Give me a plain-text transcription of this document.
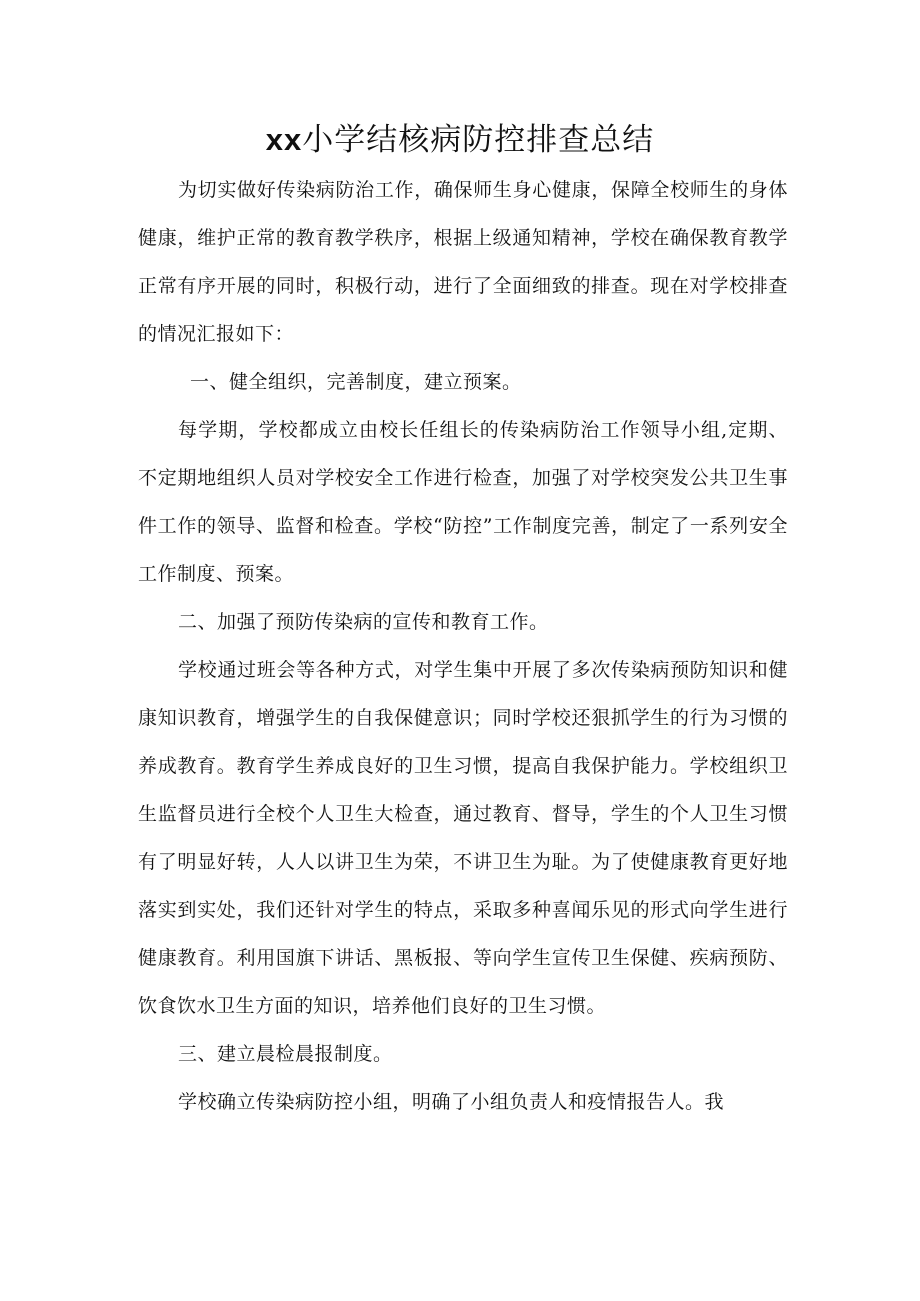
xx小学结核病防控排查总结

为切实做好传染病防治工作，确保师生身心健康，保障全校师生的身体健康，维护正常的教育教学秩序，根据上级通知精神，学校在确保教育教学正常有序开展的同时，积极行动，进行了全面细致的排查。现在对学校排查的情况汇报如下：

一、健全组织，完善制度，建立预案。

每学期，学校都成立由校长任组长的传染病防治工作领导小组,定期、不定期地组织人员对学校安全工作进行检查，加强了对学校突发公共卫生事件工作的领导、监督和检查。学校“防控”工作制度完善，制定了一系列安全工作制度、预案。

二、加强了预防传染病的宣传和教育工作。

学校通过班会等各种方式，对学生集中开展了多次传染病预防知识和健康知识教育，增强学生的自我保健意识；同时学校还狠抓学生的行为习惯的养成教育。教育学生养成良好的卫生习惯，提高自我保护能力。学校组织卫生监督员进行全校个人卫生大检查，通过教育、督导，学生的个人卫生习惯有了明显好转，人人以讲卫生为荣，不讲卫生为耻。为了使健康教育更好地落实到实处，我们还针对学生的特点，采取多种喜闻乐见的形式向学生进行健康教育。利用国旗下讲话、黑板报、等向学生宣传卫生保健、疾病预防、饮食饮水卫生方面的知识，培养他们良好的卫生习惯。

三、建立晨检晨报制度。

学校确立传染病防控小组，明确了小组负责人和疫情报告人。我
